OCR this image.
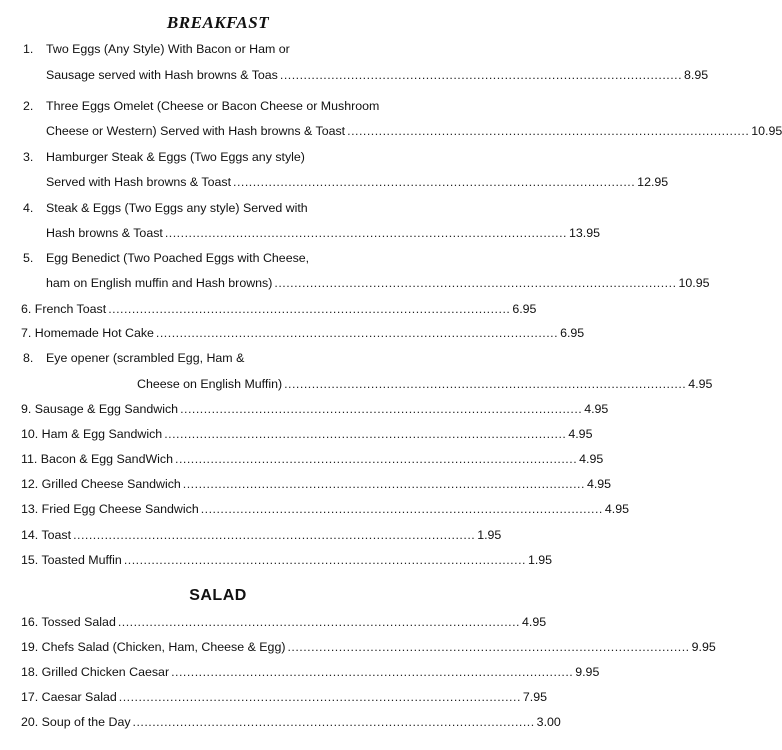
BREAKFAST
1. Two Eggs (Any Style) With Bacon or Ham or
Sausage served with Hash browns & Toas ...................................................................................................... 8.95
2. Three Eggs Omelet (Cheese or Bacon Cheese or Mushroom
Cheese or Western) Served with Hash browns & Toast ...................................................................................................... 10.95
3. Hamburger Steak & Eggs (Two Eggs any style)
Served with Hash browns & Toast ...................................................................................................... 12.95
4. Steak & Eggs (Two Eggs any style) Served with
Hash browns & Toast ...................................................................................................... 13.95
5. Egg Benedict (Two Poached Eggs with Cheese,
ham on English muffin and Hash browns) ...................................................................................................... 10.95
6. French Toast ...................................................................................................... 6.95
7. Homemade Hot Cake ...................................................................................................... 6.95
8. Eye opener (scrambled Egg, Ham &
Cheese on English Muffin) ...................................................................................................... 4.95
9. Sausage & Egg Sandwich ...................................................................................................... 4.95
10. Ham & Egg Sandwich ...................................................................................................... 4.95
11. Bacon & Egg SandWich ...................................................................................................... 4.95
12. Grilled Cheese Sandwich ...................................................................................................... 4.95
13. Fried Egg Cheese Sandwich ...................................................................................................... 4.95
14. Toast ...................................................................................................... 1.95
15. Toasted Muffin ...................................................................................................... 1.95
SALAD
16. Tossed Salad ...................................................................................................... 4.95
19. Chefs Salad (Chicken, Ham, Cheese & Egg) ...................................................................................................... 9.95
18. Grilled Chicken Caesar ...................................................................................................... 9.95
17. Caesar Salad ...................................................................................................... 7.95
20. Soup of the Day ...................................................................................................... 3.00
